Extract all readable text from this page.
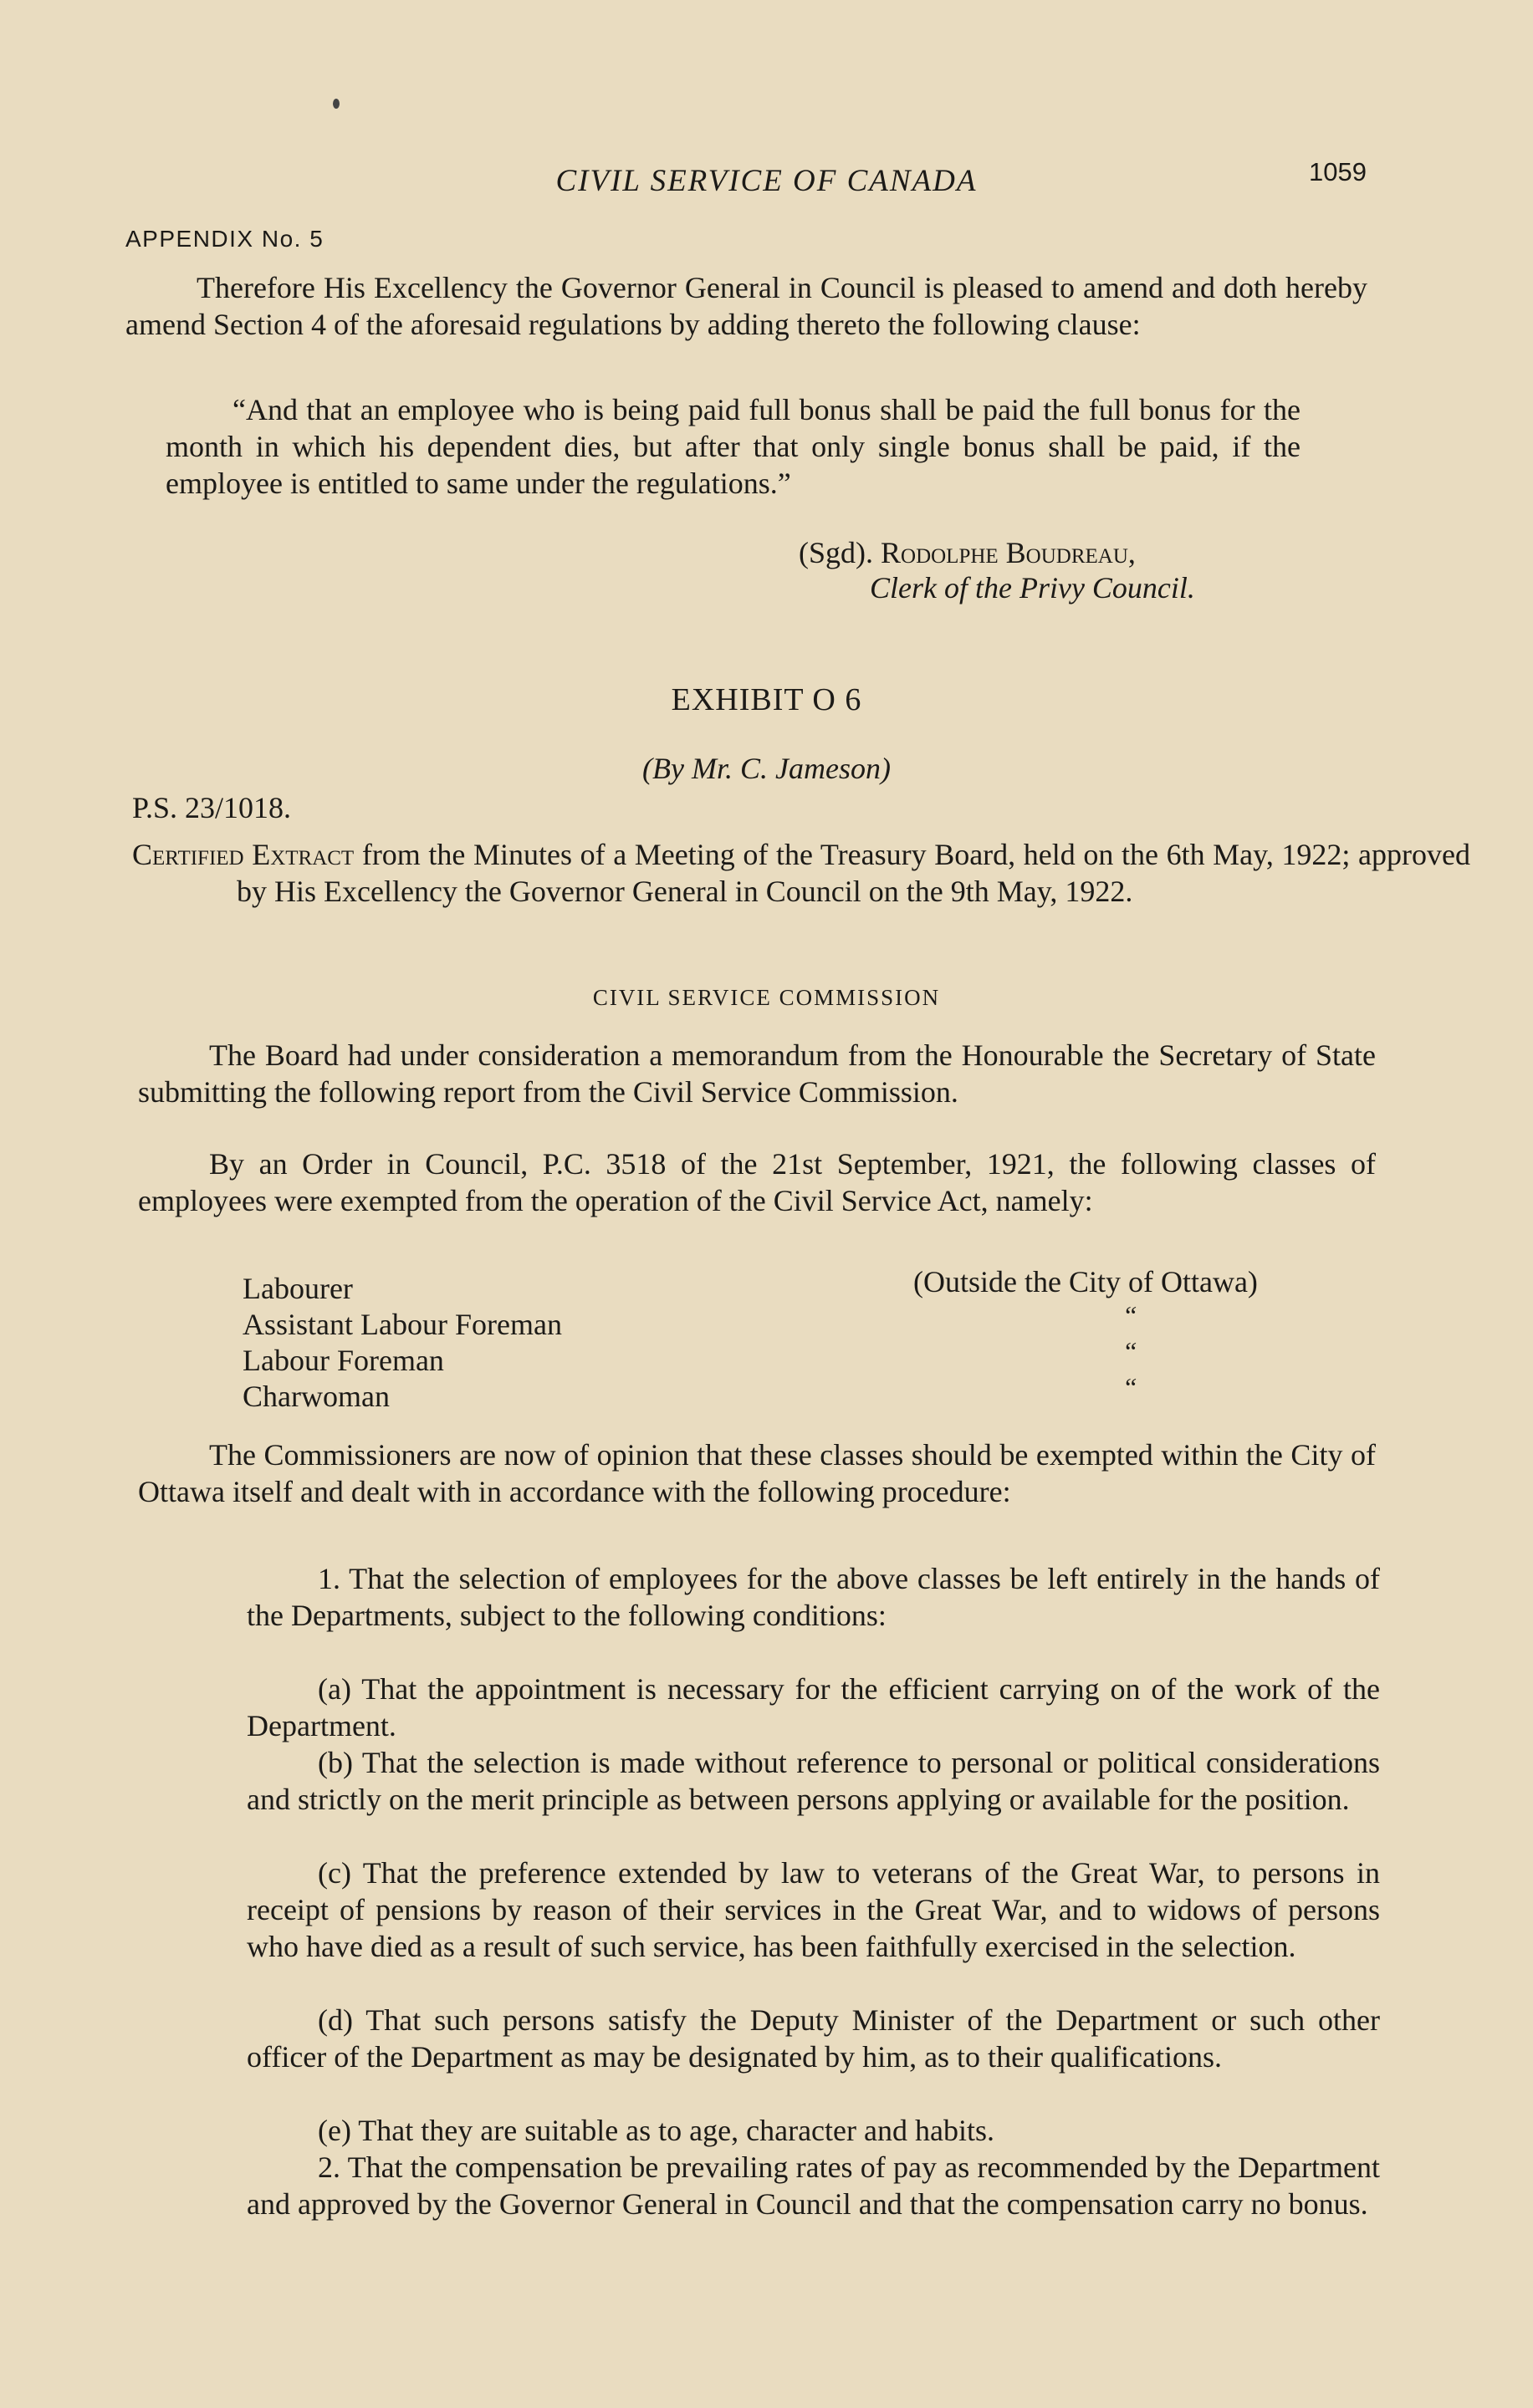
CIVIL SERVICE OF CANADA	1059
APPENDIX No. 5
Therefore His Excellency the Governor General in Council is pleased to amend and doth hereby amend Section 4 of the aforesaid regulations by adding thereto the following clause:
“And that an employee who is being paid full bonus shall be paid the full bonus for the month in which his dependent dies, but after that only single bonus shall be paid, if the employee is entitled to same under the regulations.”
(Sgd). Rodolphe Boudreau,
Clerk of the Privy Council.
EXHIBIT O 6
(By Mr. C. Jameson)
P.S. 23/1018.
Certified Extract from the Minutes of a Meeting of the Treasury Board, held on the 6th May, 1922; approved by His Excellency the Governor General in Council on the 9th May, 1922.
CIVIL SERVICE COMMISSION
The Board had under consideration a memorandum from the Honourable the Secretary of State submitting the following report from the Civil Service Commission.
By an Order in Council, P.C. 3518 of the 21st September, 1921, the following classes of employees were exempted from the operation of the Civil Service Act, namely:
Labourer	(Outside the City of Ottawa)
Assistant Labour Foreman	“
Labour Foreman	“
Charwoman	“
The Commissioners are now of opinion that these classes should be exempted within the City of Ottawa itself and dealt with in accordance with the following procedure:
1. That the selection of employees for the above classes be left entirely in the hands of the Departments, subject to the following conditions:
(a) That the appointment is necessary for the efficient carrying on of the work of the Department.
(b) That the selection is made without reference to personal or political considerations and strictly on the merit principle as between persons applying or available for the position.
(c) That the preference extended by law to veterans of the Great War, to persons in receipt of pensions by reason of their services in the Great War, and to widows of persons who have died as a result of such service, has been faithfully exercised in the selection.
(d) That such persons satisfy the Deputy Minister of the Department or such other officer of the Department as may be designated by him, as to their qualifications.
(e) That they are suitable as to age, character and habits.
2. That the compensation be prevailing rates of pay as recommended by the Department and approved by the Governor General in Council and that the compensation carry no bonus.
